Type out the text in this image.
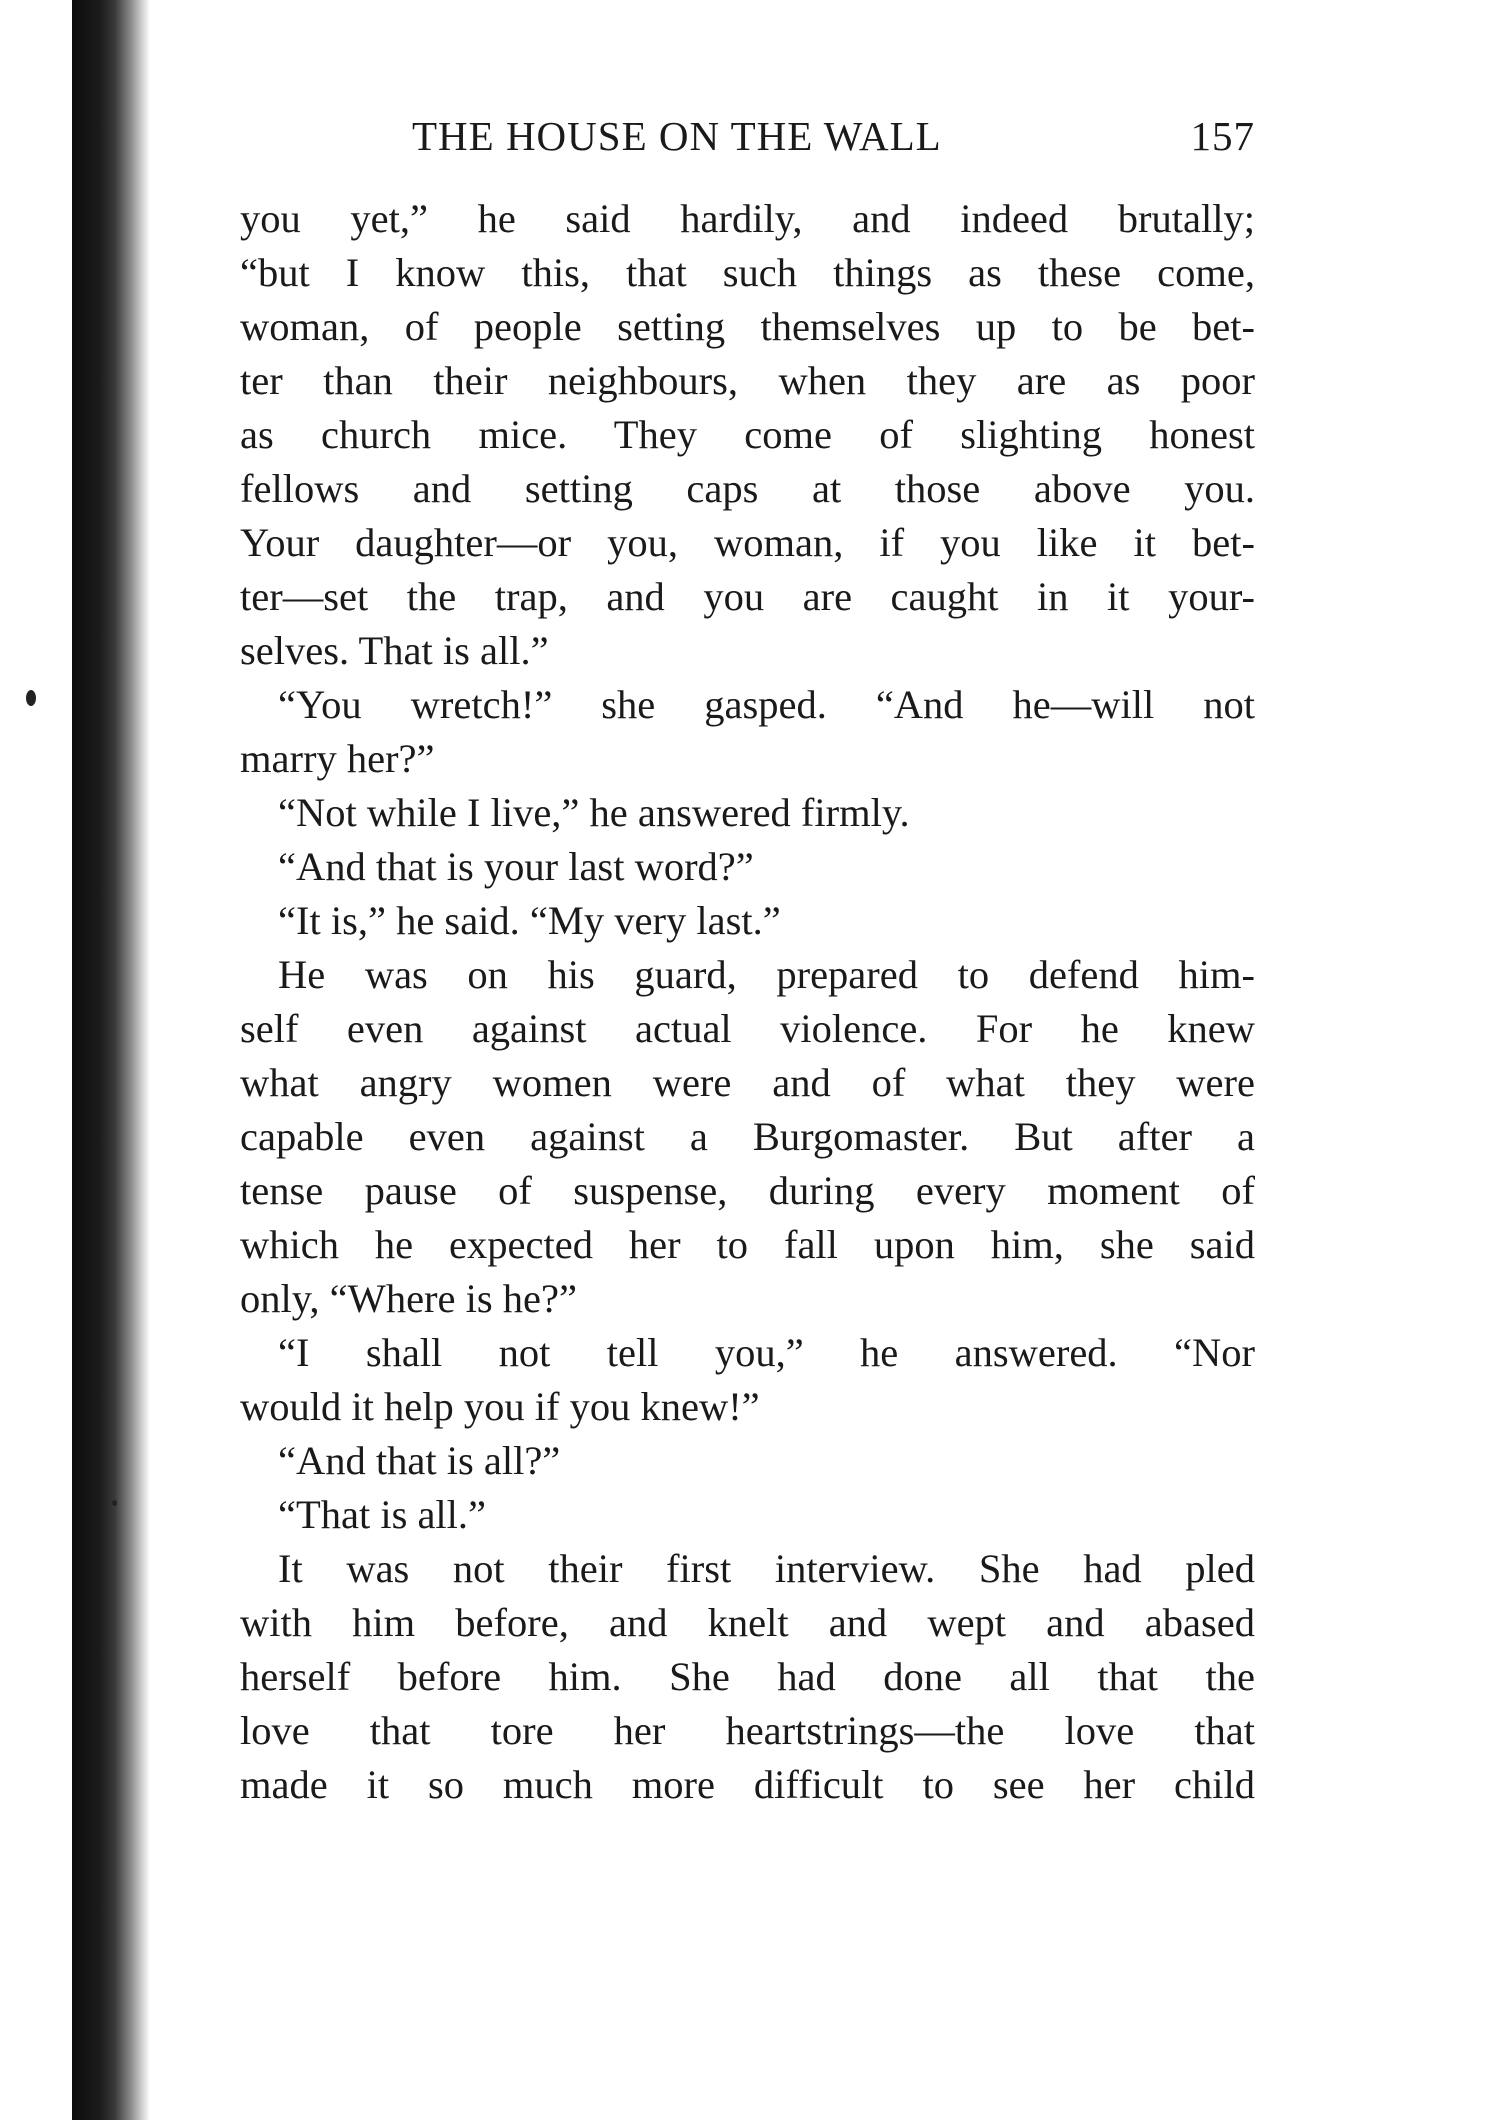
THE HOUSE ON THE WALL	157
you yet,” he said hardily, and indeed brutally;
“but I know this, that such things as these come,
woman, of people setting themselves up to be bet-
ter than their neighbours, when they are as poor
as church mice. They come of slighting honest
fellows and setting caps at those above you.
Your daughter—or you, woman, if you like it bet-
ter—set the trap, and you are caught in it your-
selves. That is all.”
“You wretch!” she gasped. “And he—will not
marry her?”
“Not while I live,” he answered firmly.
“And that is your last word?”
“It is,” he said. “My very last.”
He was on his guard, prepared to defend him-
self even against actual violence. For he knew
what angry women were and of what they were
capable even against a Burgomaster. But after a
tense pause of suspense, during every moment of
which he expected her to fall upon him, she said
only, “Where is he?”
“I shall not tell you,” he answered. “Nor
would it help you if you knew!”
“And that is all?”
“That is all.”
It was not their first interview. She had pled
with him before, and knelt and wept and abased
herself before him. She had done all that the
love that tore her heartstrings—the love that
made it so much more difficult to see her child
